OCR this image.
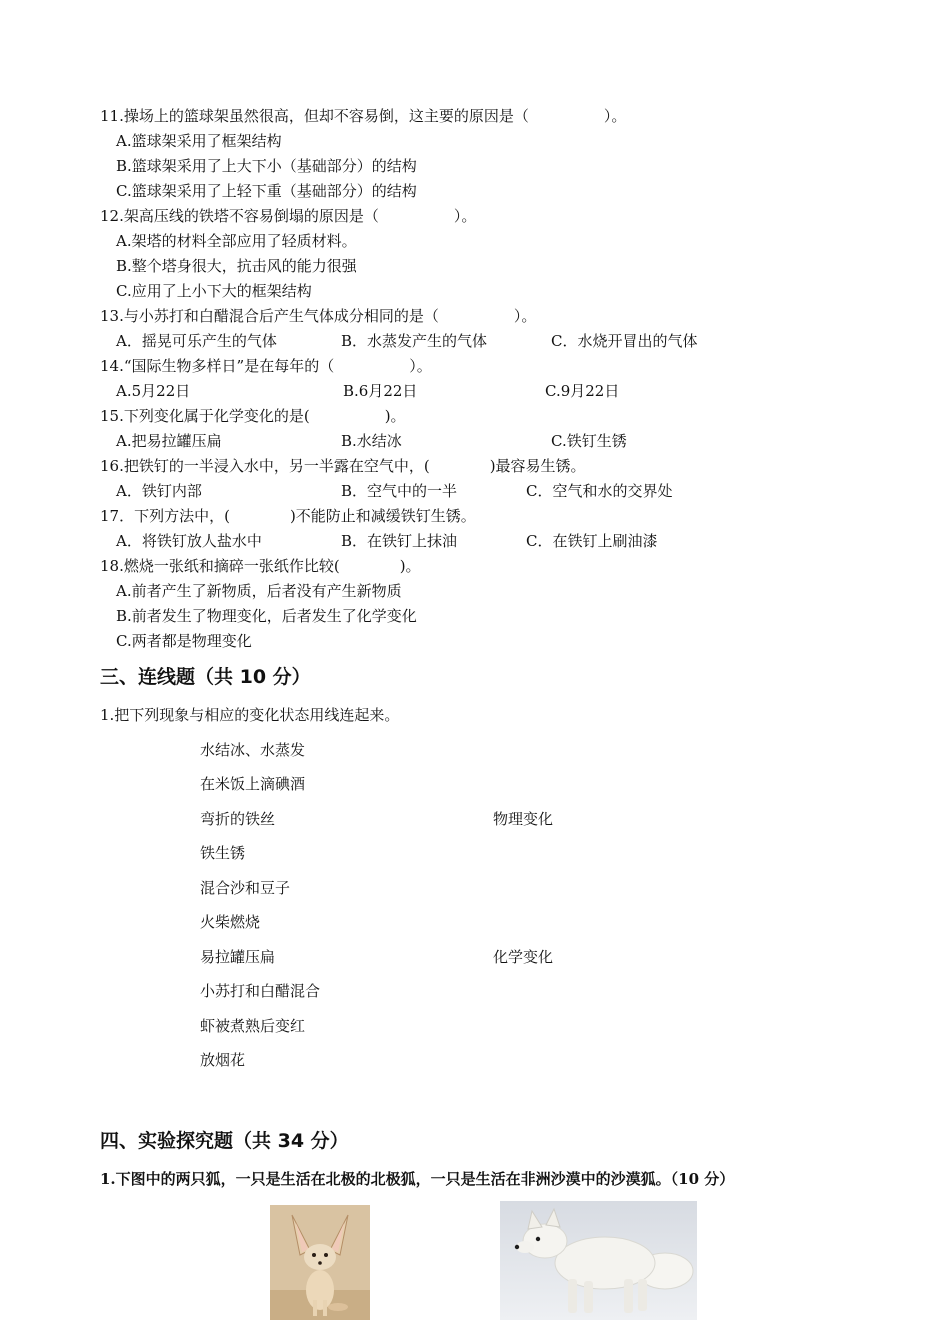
11.操场上的篮球架虽然很高，但却不容易倒，这主要的原因是（　　　　　）。
A.篮球架采用了框架结构
B.篮球架采用了上大下小（基础部分）的结构
C.篮球架采用了上轻下重（基础部分）的结构
12.架高压线的铁塔不容易倒塌的原因是（　　　　　）。
A.架塔的材料全部应用了轻质材料。
B.整个塔身很大，抗击风的能力很强
C.应用了上小下大的框架结构
13.与小苏打和白醋混合后产生气体成分相同的是（　　　　　）。
A．摇晃可乐产生的气体	B．水蒸发产生的气体	C．水烧开冒出的气体
14.“国际生物多样日”是在每年的（　　　　　）。
A.5月22日	B.6月22日	C.9月22日
15.下列变化属于化学变化的是(　　　　　)。
A.把易拉罐压扁	B.水结冰	C.铁钉生锈
16.把铁钉的一半浸入水中，另一半露在空气中，(　　　　)最容易生锈。
A．铁钉内部	B．空气中的一半	C．空气和水的交界处
17．下列方法中，(　　　　)不能防止和减缓铁钉生锈。
A．将铁钉放人盐水中	B．在铁钉上抹油	C．在铁钉上刷油漆
18.燃烧一张纸和摘碎一张纸作比较(　　　　)。
A.前者产生了新物质，后者没有产生新物质
B.前者发生了物理变化，后者发生了化学变化
C.两者都是物理变化
三、连线题（共 10 分）
1.把下列现象与相应的变化状态用线连起来。
水结冰、水蒸发
在米饭上滴碘酒
弯折的铁丝
铁生锈
混合沙和豆子
火柴燃烧
易拉罐压扁
小苏打和白醋混合
虾被煮熟后变红
放烟花
物理变化
化学变化
四、实验探究题（共 34 分）
1.下图中的两只狐，一只是生活在北极的北极狐，一只是生活在非洲沙漠中的沙漠狐。（10 分）
